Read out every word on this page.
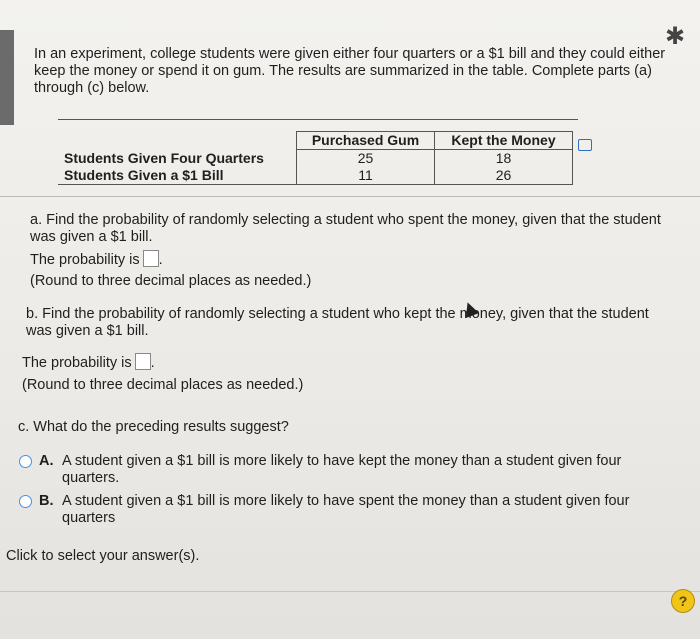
✱
In an experiment, college students were given either four quarters or a $1 bill and they could either keep the money or spend it on gum. The results are summarized in the table. Complete parts (a) through (c) below.
	Purchased Gum	Kept the Money
Students Given Four Quarters	25	18
Students Given a $1 Bill	11	26

a. Find the probability of randomly selecting a student who spent the money, given that the student was given a $1 bill.
The probability is .
(Round to three decimal places as needed.)
b. Find the probability of randomly selecting a student who kept the money, given that the student was given a $1 bill.
The probability is .
(Round to three decimal places as needed.)
c. What do the preceding results suggest?
A. A student given a $1 bill is more likely to have kept the money than a student given four quarters.
B. A student given a $1 bill is more likely to have spent the money than a student given four quarters
Click to select your answer(s).
?
